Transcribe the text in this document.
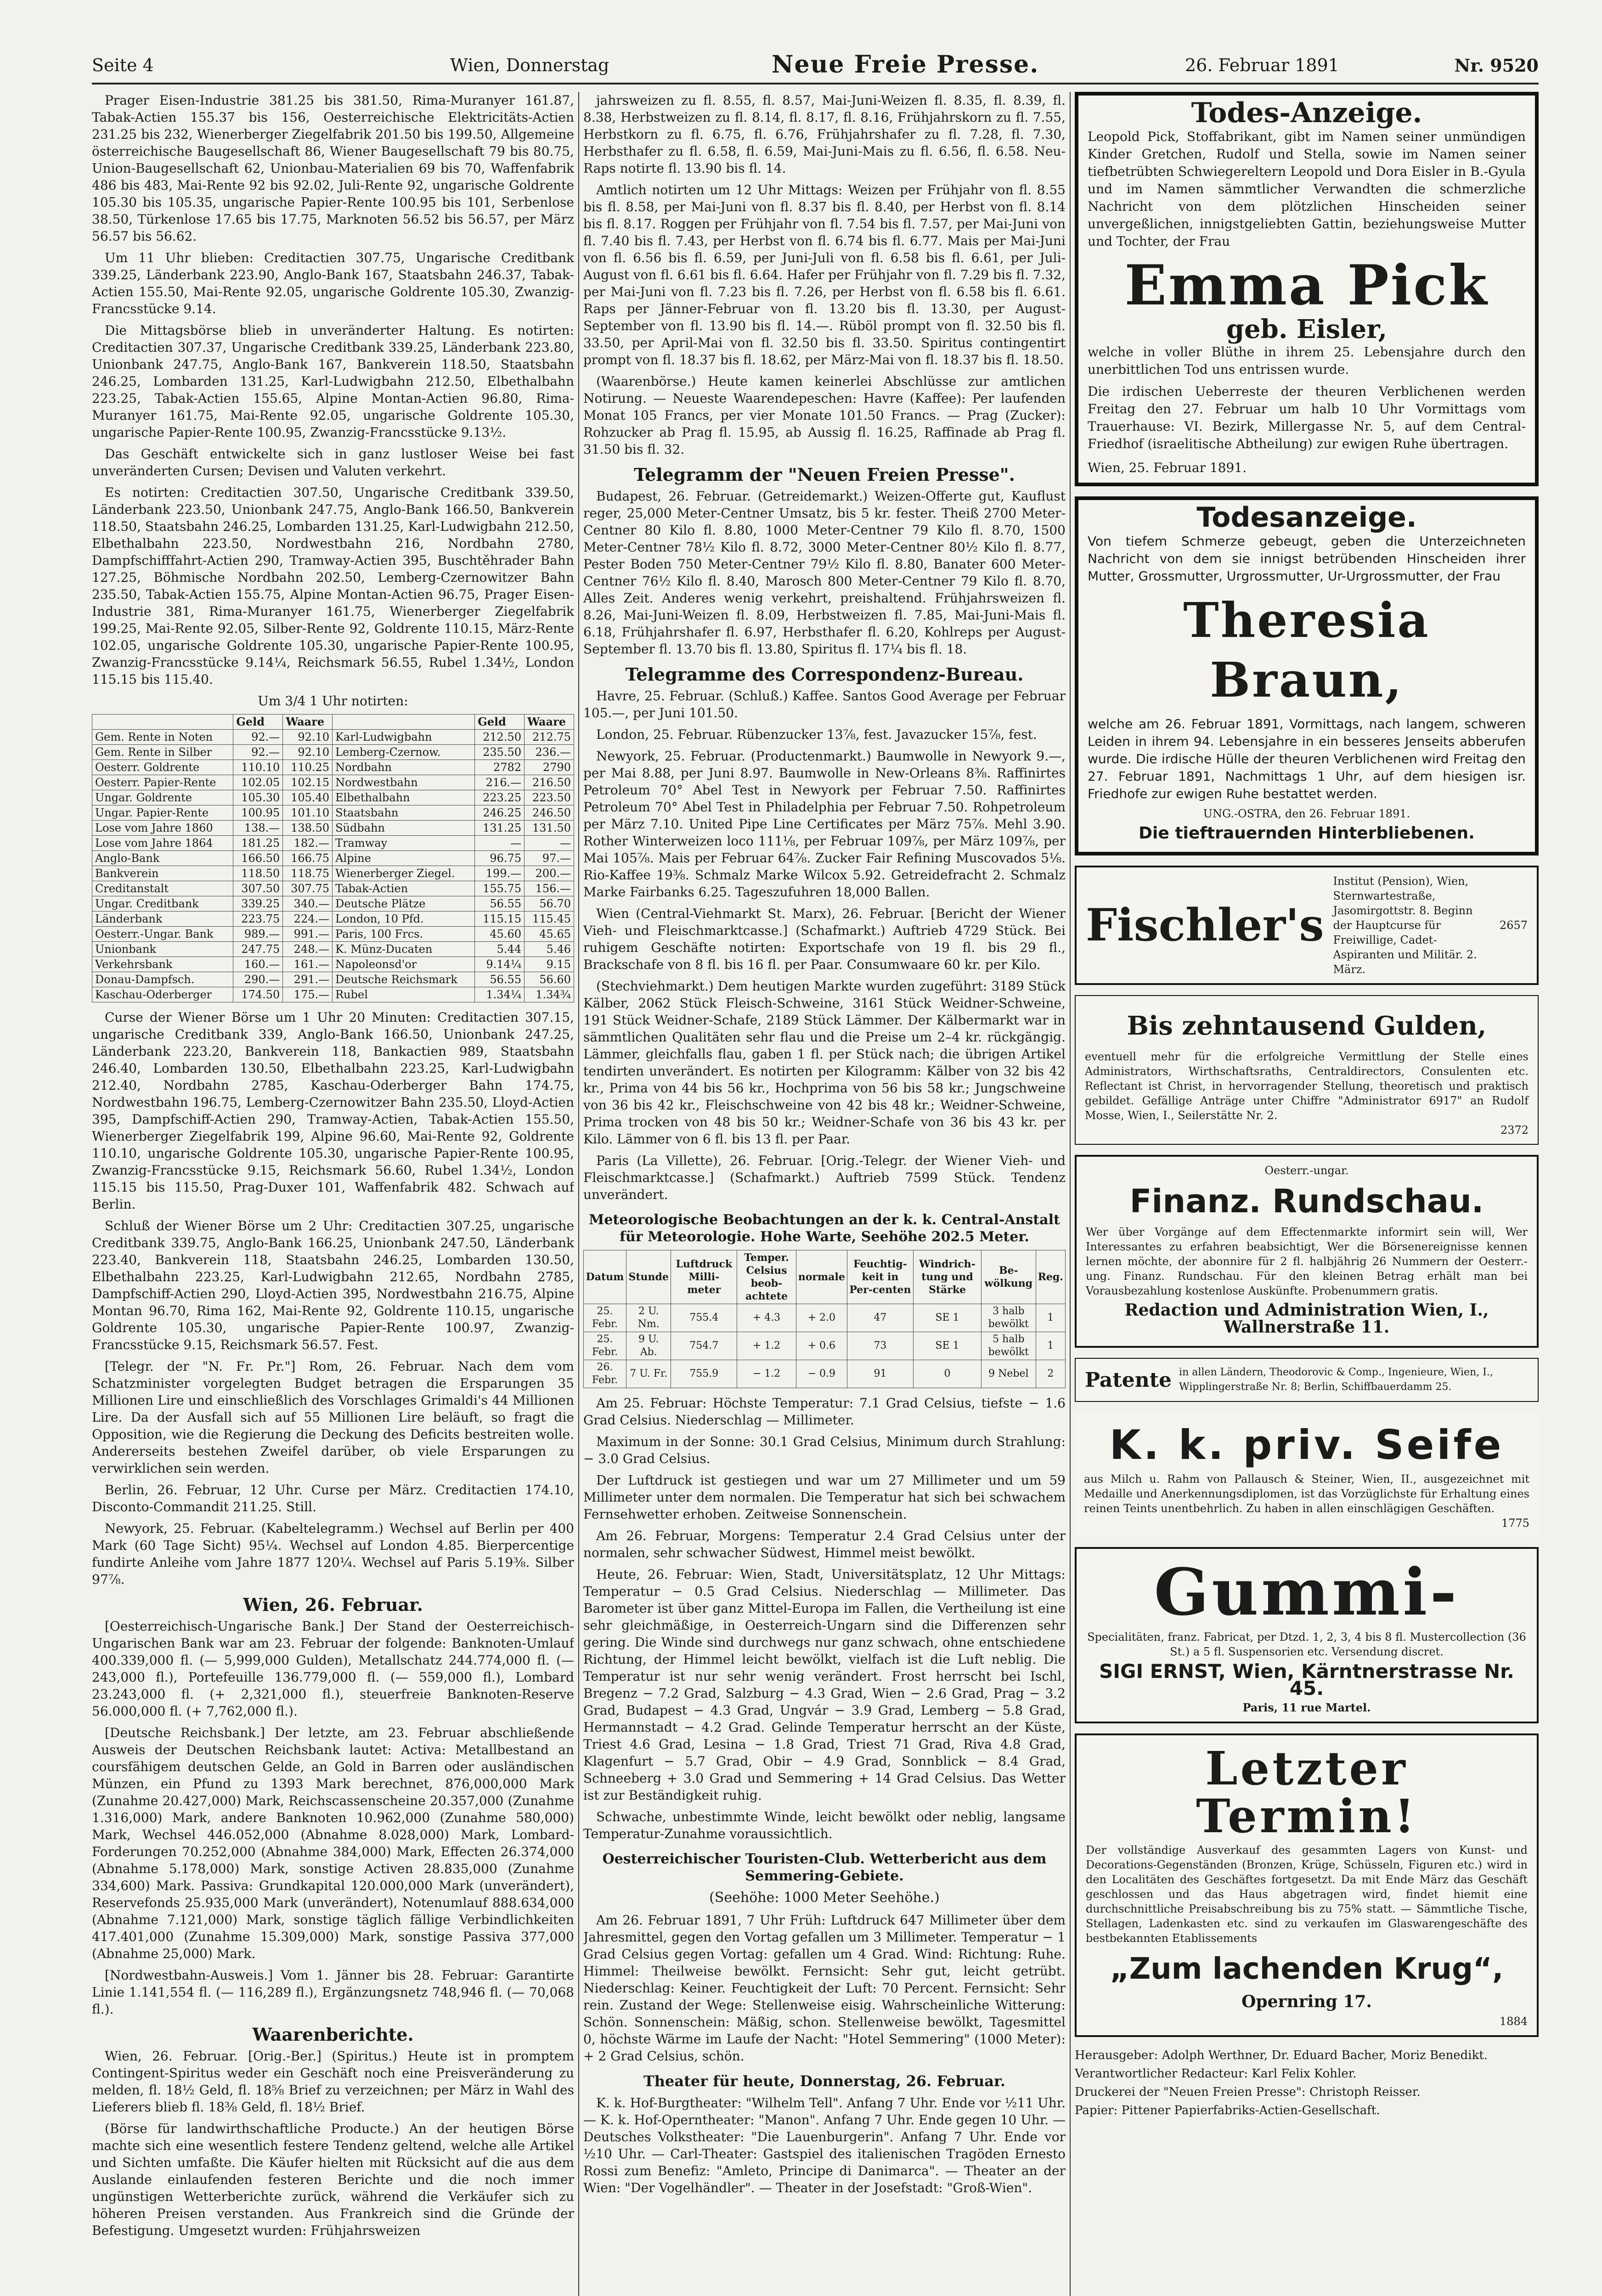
Seite 4	Wien, Donnerstag	Neue Freie Presse.	26. Februar 1891	Nr. 9520

Prager Eisen-Industrie 381.25 bis 381.50, Rima-Muranyer 161.87, Tabak-Actien 155.37 bis 156, Oesterreichische Elektricitäts-Actien 231.25 bis 232, Wienerberger Ziegelfabrik 201.50 bis 199.50, Allgemeine österreichische Baugesellschaft 86, Wiener Baugesellschaft 79 bis 80.75, Union-Baugesellschaft 62, Unionbau-Materialien 69 bis 70, Waffenfabrik 486 bis 483, Mai-Rente 92 bis 92.02, Juli-Rente 92, ungarische Goldrente 105.30 bis 105.35, ungarische Papier-Rente 100.95 bis 101, Serbenlose 38.50, Türkenlose 17.65 bis 17.75, Marknoten 56.52 bis 56.57, per März 56.57 bis 56.62.

Um 11 Uhr blieben: Creditactien 307.75, Ungarische Creditbank 339.25, Länderbank 223.90, Anglo-Bank 167, Staatsbahn 246.37, Tabak-Actien 155.50, Mai-Rente 92.05, ungarische Goldrente 105.30, Zwanzig-Francsstücke 9.14.

Die Mittagsbörse blieb in unveränderter Haltung. Es notirten: Creditactien 307.37, Ungarische Creditbank 339.25, Länderbank 223.80, Unionbank 247.75, Anglo-Bank 167, Bankverein 118.50, Staatsbahn 246.25, Lombarden 131.25, Karl-Ludwigbahn 212.50, Elbethalbahn 223.25, Tabak-Actien 155.65, Alpine Montan-Actien 96.80, Rima-Muranyer 161.75, Mai-Rente 92.05, ungarische Goldrente 105.30, ungarische Papier-Rente 100.95, Zwanzig-Francsstücke 9.13½.

Das Geschäft entwickelte sich in ganz lustloser Weise bei fast unveränderten Cursen; Devisen und Valuten verkehrt.

Es notirten: Creditactien 307.50, Ungarische Creditbank 339.50, Länderbank 223.50, Unionbank 247.75, Anglo-Bank 166.50, Bankverein 118.50, Staatsbahn 246.25, Lombarden 131.25, Karl-Ludwigbahn 212.50, Elbethalbahn 223.50, Nordwestbahn 216, Nordbahn 2780, Dampfschifffahrt-Actien 290, Tramway-Actien 395, Buschtěhrader Bahn 127.25, Böhmische Nordbahn 202.50, Lemberg-Czernowitzer Bahn 235.50, Tabak-Actien 155.75, Alpine Montan-Actien 96.75, Prager Eisen-Industrie 381, Rima-Muranyer 161.75, Wienerberger Ziegelfabrik 199.25, Mai-Rente 92.05, Silber-Rente 92, Goldrente 110.15, März-Rente 102.05, ungarische Goldrente 105.30, ungarische Papier-Rente 100.95, Zwanzig-Francsstücke 9.14¼, Reichsmark 56.55, Rubel 1.34½, London 115.15 bis 115.40.

Um 3/4 1 Uhr notirten:

	Geld	Waare		Geld	Waare
Gem. Rente in Noten	92.—	92.10	Karl-Ludwigbahn	212.50	212.75
Gem. Rente in Silber	92.—	92.10	Lemberg-Czernow.	235.50	236.—
Oesterr. Goldrente	110.10	110.25	Nordbahn	2782	2790
Oesterr. Papier-Rente	102.05	102.15	Nordwestbahn	216.—	216.50
Ungar. Goldrente	105.30	105.40	Elbethalbahn	223.25	223.50
Ungar. Papier-Rente	100.95	101.10	Staatsbahn	246.25	246.50
Lose vom Jahre 1860	138.—	138.50	Südbahn	131.25	131.50
Lose vom Jahre 1864	181.25	182.—	Tramway	—	—
Anglo-Bank	166.50	166.75	Alpine	96.75	97.—
Bankverein	118.50	118.75	Wienerberger Ziegel.	199.—	200.—
Creditanstalt	307.50	307.75	Tabak-Actien	155.75	156.—
Ungar. Creditbank	339.25	340.—	Deutsche Plätze	56.55	56.70
Länderbank	223.75	224.—	London, 10 Pfd.	115.15	115.45
Oesterr.-Ungar. Bank	989.—	991.—	Paris, 100 Frcs.	45.60	45.65
Unionbank	247.75	248.—	K. Münz-Ducaten	5.44	5.46
Verkehrsbank	160.—	161.—	Napoleonsd'or	9.14¼	9.15
Donau-Dampfsch.	290.—	291.—	Deutsche Reichsmark	56.55	56.60
Kaschau-Oderberger	174.50	175.—	Rubel	1.34¼	1.34¾

Curse der Wiener Börse um 1 Uhr 20 Minuten: Creditactien 307.15, ungarische Creditbank 339, Anglo-Bank 166.50, Unionbank 247.25, Länderbank 223.20, Bankverein 118, Bankactien 989, Staatsbahn 246.40, Lombarden 130.50, Elbethalbahn 223.25, Karl-Ludwigbahn 212.40, Nordbahn 2785, Kaschau-Oderberger Bahn 174.75, Nordwestbahn 196.75, Lemberg-Czernowitzer Bahn 235.50, Lloyd-Actien 395, Dampfschiff-Actien 290, Tramway-Actien, Tabak-Actien 155.50, Wienerberger Ziegelfabrik 199, Alpine 96.60, Mai-Rente 92, Goldrente 110.10, ungarische Goldrente 105.30, ungarische Papier-Rente 100.95, Zwanzig-Francsstücke 9.15, Reichsmark 56.60, Rubel 1.34½, London 115.15 bis 115.50, Prag-Duxer 101, Waffenfabrik 482. Schwach auf Berlin.

Schluß der Wiener Börse um 2 Uhr: Creditactien 307.25, ungarische Creditbank 339.75, Anglo-Bank 166.25, Unionbank 247.50, Länderbank 223.40, Bankverein 118, Staatsbahn 246.25, Lombarden 130.50, Elbethalbahn 223.25, Karl-Ludwigbahn 212.65, Nordbahn 2785, Dampfschiff-Actien 290, Lloyd-Actien 395, Nordwestbahn 216.75, Alpine Montan 96.70, Rima 162, Mai-Rente 92, Goldrente 110.15, ungarische Goldrente 105.30, ungarische Papier-Rente 100.97, Zwanzig-Francsstücke 9.15, Reichsmark 56.57. Fest.

[Telegr. der "N. Fr. Pr."] Rom, 26. Februar. Nach dem vom Schatzminister vorgelegten Budget betragen die Ersparungen 35 Millionen Lire und einschließlich des Vorschlages Grimaldi's 44 Millionen Lire. Da der Ausfall sich auf 55 Millionen Lire beläuft, so fragt die Opposition, wie die Regierung die Deckung des Deficits bestreiten wolle. Andererseits bestehen Zweifel darüber, ob viele Ersparungen zu verwirklichen sein werden.

Berlin, 26. Februar, 12 Uhr. Curse per März. Creditactien 174.10, Disconto-Commandit 211.25. Still.

Newyork, 25. Februar. (Kabeltelegramm.) Wechsel auf Berlin per 400 Mark (60 Tage Sicht) 95¼. Wechsel auf London 4.85. Bierpercentige fundirte Anleihe vom Jahre 1877 120¼. Wechsel auf Paris 5.19⅜. Silber 97⅞.

Wien, 26. Februar.

[Oesterreichisch-Ungarische Bank.] Der Stand der Oesterreichisch-Ungarischen Bank war am 23. Februar der folgende: Banknoten-Umlauf 400.339,000 fl. (— 5,999,000 Gulden), Metallschatz 244.774,000 fl. (— 243,000 fl.), Portefeuille 136.779,000 fl. (— 559,000 fl.), Lombard 23.243,000 fl. (+ 2,321,000 fl.), steuerfreie Banknoten-Reserve 56.000,000 fl. (+ 7,762,000 fl.).

[Deutsche Reichsbank.] Der letzte, am 23. Februar abschließende Ausweis der Deutschen Reichsbank lautet: Activa: Metallbestand an coursfähigem deutschen Gelde, an Gold in Barren oder ausländischen Münzen, ein Pfund zu 1393 Mark berechnet, 876,000,000 Mark (Zunahme 20.427,000) Mark, Reichscassenscheine 20.357,000 (Zunahme 1.316,000) Mark, andere Banknoten 10.962,000 (Zunahme 580,000) Mark, Wechsel 446.052,000 (Abnahme 8.028,000) Mark, Lombard-Forderungen 70.252,000 (Abnahme 384,000) Mark, Effecten 26.374,000 (Abnahme 5.178,000) Mark, sonstige Activen 28.835,000 (Zunahme 334,600) Mark. Passiva: Grundkapital 120.000,000 Mark (unverändert), Reservefonds 25.935,000 Mark (unverändert), Notenumlauf 888.634,000 (Abnahme 7.121,000) Mark, sonstige täglich fällige Verbindlichkeiten 417.401,000 (Zunahme 15.309,000) Mark, sonstige Passiva 377,000 (Abnahme 25,000) Mark.

[Nordwestbahn-Ausweis.] Vom 1. Jänner bis 28. Februar: Garantirte Linie 1.141,554 fl. (— 116,289 fl.), Ergänzungsnetz 748,946 fl. (— 70,068 fl.).

Waarenberichte.

Wien, 26. Februar. [Orig.-Ber.] (Spiritus.) Heute ist in promptem Contingent-Spiritus weder ein Geschäft noch eine Preisveränderung zu melden, fl. 18½ Geld, fl. 18⅝ Brief zu verzeichnen; per März in Wahl des Lieferers blieb fl. 18⅜ Geld, fl. 18½ Brief.

(Börse für landwirthschaftliche Producte.) An der heutigen Börse machte sich eine wesentlich festere Tendenz geltend, welche alle Artikel und Sichten umfaßte. Die Käufer hielten mit Rücksicht auf die aus dem Auslande einlaufenden festeren Berichte und die noch immer ungünstigen Wetterberichte zurück, während die Verkäufer sich zu höheren Preisen verstanden. Aus Frankreich sind die Gründe der Befestigung. Umgesetzt wurden: Frühjahrsweizen

jahrsweizen zu fl. 8.55, fl. 8.57, Mai-Juni-Weizen fl. 8.35, fl. 8.39, fl. 8.38, Herbstweizen zu fl. 8.14, fl. 8.17, fl. 8.16, Frühjahrskorn zu fl. 7.55, Herbstkorn zu fl. 6.75, fl. 6.76, Frühjahrshafer zu fl. 7.28, fl. 7.30, Herbsthafer zu fl. 6.58, fl. 6.59, Mai-Juni-Mais zu fl. 6.56, fl. 6.58. Neu-Raps notirte fl. 13.90 bis fl. 14.

Amtlich notirten um 12 Uhr Mittags: Weizen per Frühjahr von fl. 8.55 bis fl. 8.58, per Mai-Juni von fl. 8.37 bis fl. 8.40, per Herbst von fl. 8.14 bis fl. 8.17. Roggen per Frühjahr von fl. 7.54 bis fl. 7.57, per Mai-Juni von fl. 7.40 bis fl. 7.43, per Herbst von fl. 6.74 bis fl. 6.77. Mais per Mai-Juni von fl. 6.56 bis fl. 6.59, per Juni-Juli von fl. 6.58 bis fl. 6.61, per Juli-August von fl. 6.61 bis fl. 6.64. Hafer per Frühjahr von fl. 7.29 bis fl. 7.32, per Mai-Juni von fl. 7.23 bis fl. 7.26, per Herbst von fl. 6.58 bis fl. 6.61. Raps per Jänner-Februar von fl. 13.20 bis fl. 13.30, per August-September von fl. 13.90 bis fl. 14.—. Rüböl prompt von fl. 32.50 bis fl. 33.50, per April-Mai von fl. 32.50 bis fl. 33.50. Spiritus contingentirt prompt von fl. 18.37 bis fl. 18.62, per März-Mai von fl. 18.37 bis fl. 18.50.

(Waarenbörse.) Heute kamen keinerlei Abschlüsse zur amtlichen Notirung. — Neueste Waarendepeschen: Havre (Kaffee): Per laufenden Monat 105 Francs, per vier Monate 101.50 Francs. — Prag (Zucker): Rohzucker ab Prag fl. 15.95, ab Aussig fl. 16.25, Raffinade ab Prag fl. 31.50 bis fl. 32.

Telegramm der "Neuen Freien Presse".

Budapest, 26. Februar. (Getreidemarkt.) Weizen-Offerte gut, Kauflust reger, 25,000 Meter-Centner Umsatz, bis 5 kr. fester. Theiß 2700 Meter-Centner 80 Kilo fl. 8.80, 1000 Meter-Centner 79 Kilo fl. 8.70, 1500 Meter-Centner 78½ Kilo fl. 8.72, 3000 Meter-Centner 80½ Kilo fl. 8.77, Pester Boden 750 Meter-Centner 79½ Kilo fl. 8.80, Banater 600 Meter-Centner 76½ Kilo fl. 8.40, Marosch 800 Meter-Centner 79 Kilo fl. 8.70, Alles Zeit. Anderes wenig verkehrt, preishaltend. Frühjahrsweizen fl. 8.26, Mai-Juni-Weizen fl. 8.09, Herbstweizen fl. 7.85, Mai-Juni-Mais fl. 6.18, Frühjahrshafer fl. 6.97, Herbsthafer fl. 6.20, Kohlreps per August-September fl. 13.70 bis fl. 13.80, Spiritus fl. 17¼ bis fl. 18.

Telegramme des Correspondenz-Bureau.

Havre, 25. Februar. (Schluß.) Kaffee. Santos Good Average per Februar 105.—, per Juni 101.50.

London, 25. Februar. Rübenzucker 13⅞, fest. Javazucker 15⅞, fest.

Newyork, 25. Februar. (Productenmarkt.) Baumwolle in Newyork 9.—, per Mai 8.88, per Juni 8.97. Baumwolle in New-Orleans 8⅜. Raffinirtes Petroleum 70° Abel Test in Newyork per Februar 7.50. Raffinirtes Petroleum 70° Abel Test in Philadelphia per Februar 7.50. Rohpetroleum per März 7.10. United Pipe Line Certificates per März 75⅞. Mehl 3.90. Rother Winterweizen loco 111⅛, per Februar 109⅞, per März 109⅞, per Mai 105⅞. Mais per Februar 64⅞. Zucker Fair Refining Muscovados 5⅛. Rio-Kaffee 19⅜. Schmalz Marke Wilcox 5.92. Getreidefracht 2. Schmalz Marke Fairbanks 6.25. Tageszufuhren 18,000 Ballen.

Wien (Central-Viehmarkt St. Marx), 26. Februar. [Bericht der Wiener Vieh- und Fleischmarktcasse.] (Schafmarkt.) Auftrieb 4729 Stück. Bei ruhigem Geschäfte notirten: Exportschafe von 19 fl. bis 29 fl., Brackschafe von 8 fl. bis 16 fl. per Paar. Consumwaare 60 kr. per Kilo.

(Stechviehmarkt.) Dem heutigen Markte wurden zugeführt: 3189 Stück Kälber, 2062 Stück Fleisch-Schweine, 3161 Stück Weidner-Schweine, 191 Stück Weidner-Schafe, 2189 Stück Lämmer. Der Kälbermarkt war in sämmtlichen Qualitäten sehr flau und die Preise um 2–4 kr. rückgängig. Lämmer, gleichfalls flau, gaben 1 fl. per Stück nach; die übrigen Artikel tendirten unverändert. Es notirten per Kilogramm: Kälber von 32 bis 42 kr., Prima von 44 bis 56 kr., Hochprima von 56 bis 58 kr.; Jungschweine von 36 bis 42 kr., Fleischschweine von 42 bis 48 kr.; Weidner-Schweine, Prima trocken von 48 bis 50 kr.; Weidner-Schafe von 36 bis 43 kr. per Kilo. Lämmer von 6 fl. bis 13 fl. per Paar.

Paris (La Villette), 26. Februar. [Orig.-Telegr. der Wiener Vieh- und Fleischmarktcasse.] (Schafmarkt.) Auftrieb 7599 Stück. Tendenz unverändert.

Meteorologische Beobachtungen an der k. k. Central-Anstalt für Meteorologie. Hohe Warte, Seehöhe 202.5 Meter.
Datum	Stunde	Luftdruck Milli-meter	Temper. Celsius beob-achtete	normale	Feuchtig-keit in Per-centen	Windrich-tung und Stärke	Be-wölkung	Reg.
25. Febr.	2 U. Nm.	755.4	+ 4.3	+ 2.0	47	SE 1	3 halb bewölkt	1
25. Febr.	9 U. Ab.	754.7	+ 1.2	+ 0.6	73	SE 1	5 halb bewölkt	1
26. Febr.	7 U. Fr.	755.9	− 1.2	− 0.9	91	0	9 Nebel	2

Am 25. Februar: Höchste Temperatur: 7.1 Grad Celsius, tiefste − 1.6 Grad Celsius. Niederschlag — Millimeter.

Maximum in der Sonne: 30.1 Grad Celsius, Minimum durch Strahlung: − 3.0 Grad Celsius.

Der Luftdruck ist gestiegen und war um 27 Millimeter und um 59 Millimeter unter dem normalen. Die Temperatur hat sich bei schwachem Fernsehwetter erhoben. Zeitweise Sonnenschein.

Am 26. Februar, Morgens: Temperatur 2.4 Grad Celsius unter der normalen, sehr schwacher Südwest, Himmel meist bewölkt.

Heute, 26. Februar: Wien, Stadt, Universitätsplatz, 12 Uhr Mittags: Temperatur − 0.5 Grad Celsius. Niederschlag — Millimeter. Das Barometer ist über ganz Mittel-Europa im Fallen, die Vertheilung ist eine sehr gleichmäßige, in Oesterreich-Ungarn sind die Differenzen sehr gering. Die Winde sind durchwegs nur ganz schwach, ohne entschiedene Richtung, der Himmel leicht bewölkt, vielfach ist die Luft neblig. Die Temperatur ist nur sehr wenig verändert. Frost herrscht bei Ischl, Bregenz − 7.2 Grad, Salzburg − 4.3 Grad, Wien − 2.6 Grad, Prag − 3.2 Grad, Budapest − 4.3 Grad, Ungvár − 3.9 Grad, Lemberg − 5.8 Grad, Hermannstadt − 4.2 Grad. Gelinde Temperatur herrscht an der Küste, Triest 4.6 Grad, Lesina − 1.8 Grad, Triest 71 Grad, Riva 4.8 Grad, Klagenfurt − 5.7 Grad, Obir − 4.9 Grad, Sonnblick − 8.4 Grad, Schneeberg + 3.0 Grad und Semmering + 14 Grad Celsius. Das Wetter ist zur Beständigkeit ruhig.

Schwache, unbestimmte Winde, leicht bewölkt oder neblig, langsame Temperatur-Zunahme voraussichtlich.

Oesterreichischer Touristen-Club. Wetterbericht aus dem Semmering-Gebiete.
(Seehöhe: 1000 Meter Seehöhe.)

Am 26. Februar 1891, 7 Uhr Früh: Luftdruck 647 Millimeter über dem Jahresmittel, gegen den Vortag gefallen um 3 Millimeter. Temperatur − 1 Grad Celsius gegen Vortag: gefallen um 4 Grad. Wind: Richtung: Ruhe. Himmel: Theilweise bewölkt. Fernsicht: Sehr gut, leicht getrübt. Niederschlag: Keiner. Feuchtigkeit der Luft: 70 Percent. Fernsicht: Sehr rein. Zustand der Wege: Stellenweise eisig. Wahrscheinliche Witterung: Schön. Sonnenschein: Mäßig, schon. Stellenweise bewölkt, Tagesmittel 0, höchste Wärme im Laufe der Nacht: "Hotel Semmering" (1000 Meter): + 2 Grad Celsius, schön.

Theater für heute, Donnerstag, 26. Februar.

K. k. Hof-Burgtheater: "Wilhelm Tell". Anfang 7 Uhr. Ende vor ½11 Uhr. — K. k. Hof-Operntheater: "Manon". Anfang 7 Uhr. Ende gegen 10 Uhr. — Deutsches Volkstheater: "Die Lauenburgerin". Anfang 7 Uhr. Ende vor ½10 Uhr. — Carl-Theater: Gastspiel des italienischen Tragöden Ernesto Rossi zum Benefiz: "Amleto, Principe di Danimarca". — Theater an der Wien: "Der Vogelhändler". — Theater in der Josefstadt: "Groß-Wien".

Todes-Anzeige.
Leopold Pick, Stoffabrikant, gibt im Namen seiner unmündigen Kinder Gretchen, Rudolf und Stella, sowie im Namen seiner tiefbetrübten Schwiegereltern Leopold und Dora Eisler in B.-Gyula und im Namen sämmtlicher Verwandten die schmerzliche Nachricht von dem plötzlichen Hinscheiden seiner unvergeßlichen, innigstgeliebten Gattin, beziehungsweise Mutter und Tochter, der Frau
Emma Pick
geb. Eisler,
welche in voller Blüthe in ihrem 25. Lebensjahre durch den unerbittlichen Tod uns entrissen wurde.
Die irdischen Ueberreste der theuren Verblichenen werden Freitag den 27. Februar um halb 10 Uhr Vormittags vom Trauerhause: VI. Bezirk, Millergasse Nr. 5, auf dem Central-Friedhof (israelitische Abtheilung) zur ewigen Ruhe übertragen.
Wien, 25. Februar 1891.
Todesanzeige.
Von tiefem Schmerze gebeugt, geben die Unterzeichneten Nachricht von dem sie innigst betrübenden Hinscheiden ihrer Mutter, Grossmutter, Urgrossmutter, Ur-Urgrossmutter, der Frau
Theresia Braun,
welche am 26. Februar 1891, Vormittags, nach langem, schweren Leiden in ihrem 94. Lebensjahre in ein besseres Jenseits abberufen wurde. Die irdische Hülle der theuren Verblichenen wird Freitag den 27. Februar 1891, Nachmittags 1 Uhr, auf dem hiesigen isr. Friedhofe zur ewigen Ruhe bestattet werden.
UNG.-OSTRA, den 26. Februar 1891.
Die tieftrauernden Hinterbliebenen.
Fischler's
Institut (Pension), Wien, Sternwartestraße, Jasomirgottstr. 8. Beginn der Hauptcurse für Freiwillige, Cadet-Aspiranten und Militär. 2. März.
2657
Bis zehntausend Gulden,
eventuell mehr für die erfolgreiche Vermittlung der Stelle eines Administrators, Wirthschaftsraths, Centraldirectors, Consulenten etc. Reflectant ist Christ, in hervorragender Stellung, theoretisch und praktisch gebildet. Gefällige Anträge unter Chiffre "Administrator 6917" an Rudolf Mosse, Wien, I., Seilerstätte Nr. 2.
2372
Oesterr.-ungar.
Finanz. Rundschau.
Wer über Vorgänge auf dem Effectenmarkte informirt sein will, Wer Interessantes zu erfahren beabsichtigt, Wer die Börsenereignisse kennen lernen möchte, der abonnire für 2 fl. halbjährig 26 Nummern der Oesterr.-ung. Finanz. Rundschau. Für den kleinen Betrag erhält man bei Vorausbezahlung kostenlose Auskünfte. Probenummern gratis.
Redaction und Administration Wien, I., Wallnerstraße 11.
Patente in allen Ländern, Theodorovic & Comp., Ingenieure, Wien, I., Wipplingerstraße Nr. 8; Berlin, Schiffbauerdamm 25.
K. k. priv. Seife
aus Milch u. Rahm von Pallausch & Steiner, Wien, II., ausgezeichnet mit Medaille und Anerkennungsdiplomen, ist das Vorzüglichste für Erhaltung eines reinen Teints unentbehrlich. Zu haben in allen einschlägigen Geschäften.
1775
Gummi-
Specialitäten, franz. Fabricat, per Dtzd. 1, 2, 3, 4 bis 8 fl. Mustercollection (36 St.) a 5 fl. Suspensorien etc. Versendung discret.
SIGI ERNST, Wien, Kärntnerstrasse Nr. 45.
Paris, 11 rue Martel.
Letzter Termin!
Der vollständige Ausverkauf des gesammten Lagers von Kunst- und Decorations-Gegenständen (Bronzen, Krüge, Schüsseln, Figuren etc.) wird in den Localitäten des Geschäftes fortgesetzt. Da mit Ende März das Geschäft geschlossen und das Haus abgetragen wird, findet hiemit eine durchschnittliche Preisabschreibung bis zu 75% statt. — Sämmtliche Tische, Stellagen, Ladenkasten etc. sind zu verkaufen im Glaswarengeschäfte des bestbekannten Etablissements
„Zum lachenden Krug“,
Opernring 17.
1884
Herausgeber: Adolph Werthner, Dr. Eduard Bacher, Moriz Benedikt.
Verantwortlicher Redacteur: Karl Felix Kohler.
Druckerei der "Neuen Freien Presse": Christoph Reisser.
Papier: Pittener Papierfabriks-Actien-Gesellschaft.
